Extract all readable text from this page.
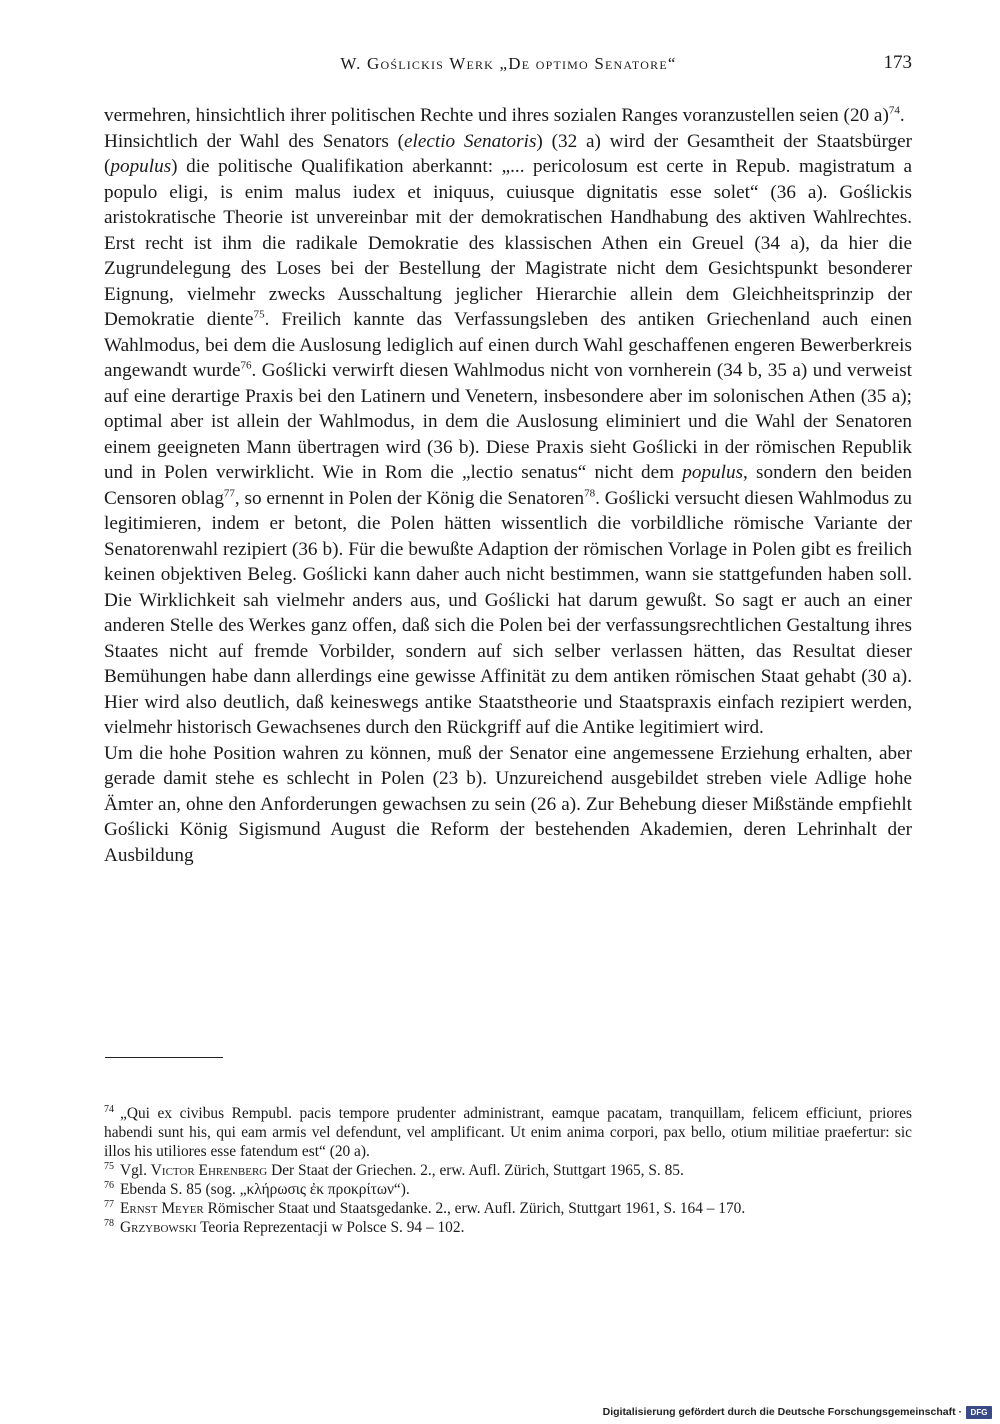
W. Goślickis Werk „De optimo Senatore“	173

vermehren, hinsichtlich ihrer politischen Rechte und ihres sozialen Ranges voranzustellen seien (20 a)$^{74}$.

Hinsichtlich der Wahl des Senators (electio Senatoris) (32 a) wird der Gesamtheit der Staatsbürger (populus) die politische Qualifikation aberkannt: „... pericolosum est certe in Repub. magistratum a populo eligi, is enim malus iudex et iniquus, cuiusque dignitatis esse solet“ (36 a). Goślickis aristokratische Theorie ist unvereinbar mit der demokratischen Handhabung des aktiven Wahlrechtes. Erst recht ist ihm die radikale Demokratie des klassischen Athen ein Greuel (34 a), da hier die Zugrundelegung des Loses bei der Bestellung der Magistrate nicht dem Gesichtspunkt besonderer Eignung, vielmehr zwecks Ausschaltung jeglicher Hierarchie allein dem Gleichheitsprinzip der Demokratie diente$^{75}$. Freilich kannte das Verfassungsleben des antiken Griechenland auch einen Wahlmodus, bei dem die Auslosung lediglich auf einen durch Wahl geschaffenen engeren Bewerberkreis angewandt wurde$^{76}$. Goślicki verwirft diesen Wahlmodus nicht von vornherein (34 b, 35 a) und verweist auf eine derartige Praxis bei den Latinern und Venetern, insbesondere aber im solonischen Athen (35 a); optimal aber ist allein der Wahlmodus, in dem die Auslosung eliminiert und die Wahl der Senatoren einem geeigneten Mann übertragen wird (36 b). Diese Praxis sieht Goślicki in der römischen Republik und in Polen verwirklicht. Wie in Rom die „lectio senatus“ nicht dem populus, sondern den beiden Censoren oblag$^{77}$, so ernennt in Polen der König die Senatoren$^{78}$. Goślicki versucht diesen Wahlmodus zu legitimieren, indem er betont, die Polen hätten wissentlich die vorbildliche römische Variante der Senatorenwahl rezipiert (36 b). Für die bewußte Adaption der römischen Vorlage in Polen gibt es freilich keinen objektiven Beleg. Goślicki kann daher auch nicht bestimmen, wann sie stattgefunden haben soll. Die Wirklichkeit sah vielmehr anders aus, und Goślicki hat darum gewußt. So sagt er auch an einer anderen Stelle des Werkes ganz offen, daß sich die Polen bei der verfassungsrechtlichen Gestaltung ihres Staates nicht auf fremde Vorbilder, sondern auf sich selber verlassen hätten, das Resultat dieser Bemühungen habe dann allerdings eine gewisse Affinität zu dem antiken römischen Staat gehabt (30 a). Hier wird also deutlich, daß keineswegs antike Staatstheorie und Staatspraxis einfach rezipiert werden, vielmehr historisch Gewachsenes durch den Rückgriff auf die Antike legitimiert wird.

Um die hohe Position wahren zu können, muß der Senator eine angemessene Erziehung erhalten, aber gerade damit stehe es schlecht in Polen (23 b). Unzureichend ausgebildet streben viele Adlige hohe Ämter an, ohne den Anforderungen gewachsen zu sein (26 a). Zur Behebung dieser Mißstände empfiehlt Goślicki König Sigismund August die Reform der bestehenden Akademien, deren Lehrinhalt der Ausbildung

$^{74}$ „Qui ex civibus Rempubl. pacis tempore prudenter administrant, eamque pacatam, tranquillam, felicem efficiunt, priores habendi sunt his, qui eam armis vel defendunt, vel amplificant. Ut enim anima corpori, pax bello, otium militiae praefertur: sic illos his utiliores esse fatendum est“ (20 a).

$^{75}$ Vgl. Victor Ehrenberg Der Staat der Griechen. 2., erw. Aufl. Zürich, Stuttgart 1965, S. 85.

$^{76}$ Ebenda S. 85 (sog. „κλήρωσις ἐκ προκρίτων“).

$^{77}$ Ernst Meyer Römischer Staat und Staatsgedanke. 2., erw. Aufl. Zürich, Stuttgart 1961, S. 164 – 170.

$^{78}$ Grzybowski Teoria Reprezentacji w Polsce S. 94 – 102.

Digitalisierung gefördert durch die Deutsche Forschungsgemeinschaft ·	DFG
